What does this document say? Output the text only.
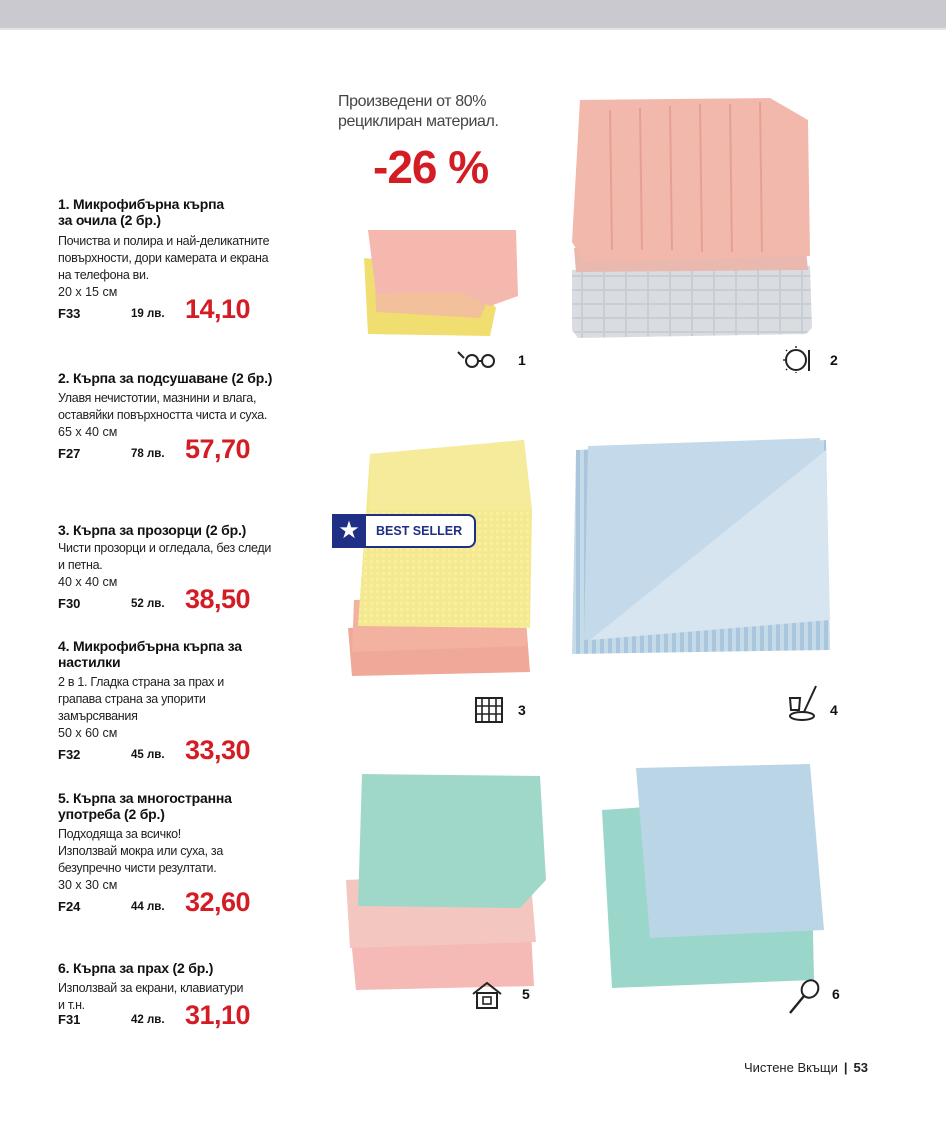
1. Микрофибърна кърпа за очила (2 бр.)
Почиства и полира и най-деликатните повърхности, дори камерата и екрана на телефона ви.
20 х 15 см
F33	19 лв. 14,10
2. Кърпа за подсушаване (2 бр.)
Улавя нечистотии, мазнини и влага, оставяйки повърхността чиста и суха.
65 х 40 см
F27	78 лв. 57,70
3. Кърпа за прозорци (2 бр.)
Чисти прозорци и огледала, без следи и петна.
40 х 40 см
F30	52 лв. 38,50
4. Микрофибърна кърпа за настилки
2 в 1. Гладка страна за прах и грапава страна за упорити замърсявания
50 х 60 см
F32	45 лв. 33,30
5. Кърпа за многостранна употреба (2 бр.)
Подходяща за всичко! Използвай мокра или суха, за безупречно чисти резултати.
30 х 30 см
F24	44 лв. 32,60
6. Кърпа за прах (2 бр.)
Използвай за екрани, клавиатури и т.н.
F31	42 лв. 31,10
Произведени от 80%
рециклиран материал.
-26 %
1	2
3	4
5	6
★	BEST SELLER
Чистене Вкъщи | 53
